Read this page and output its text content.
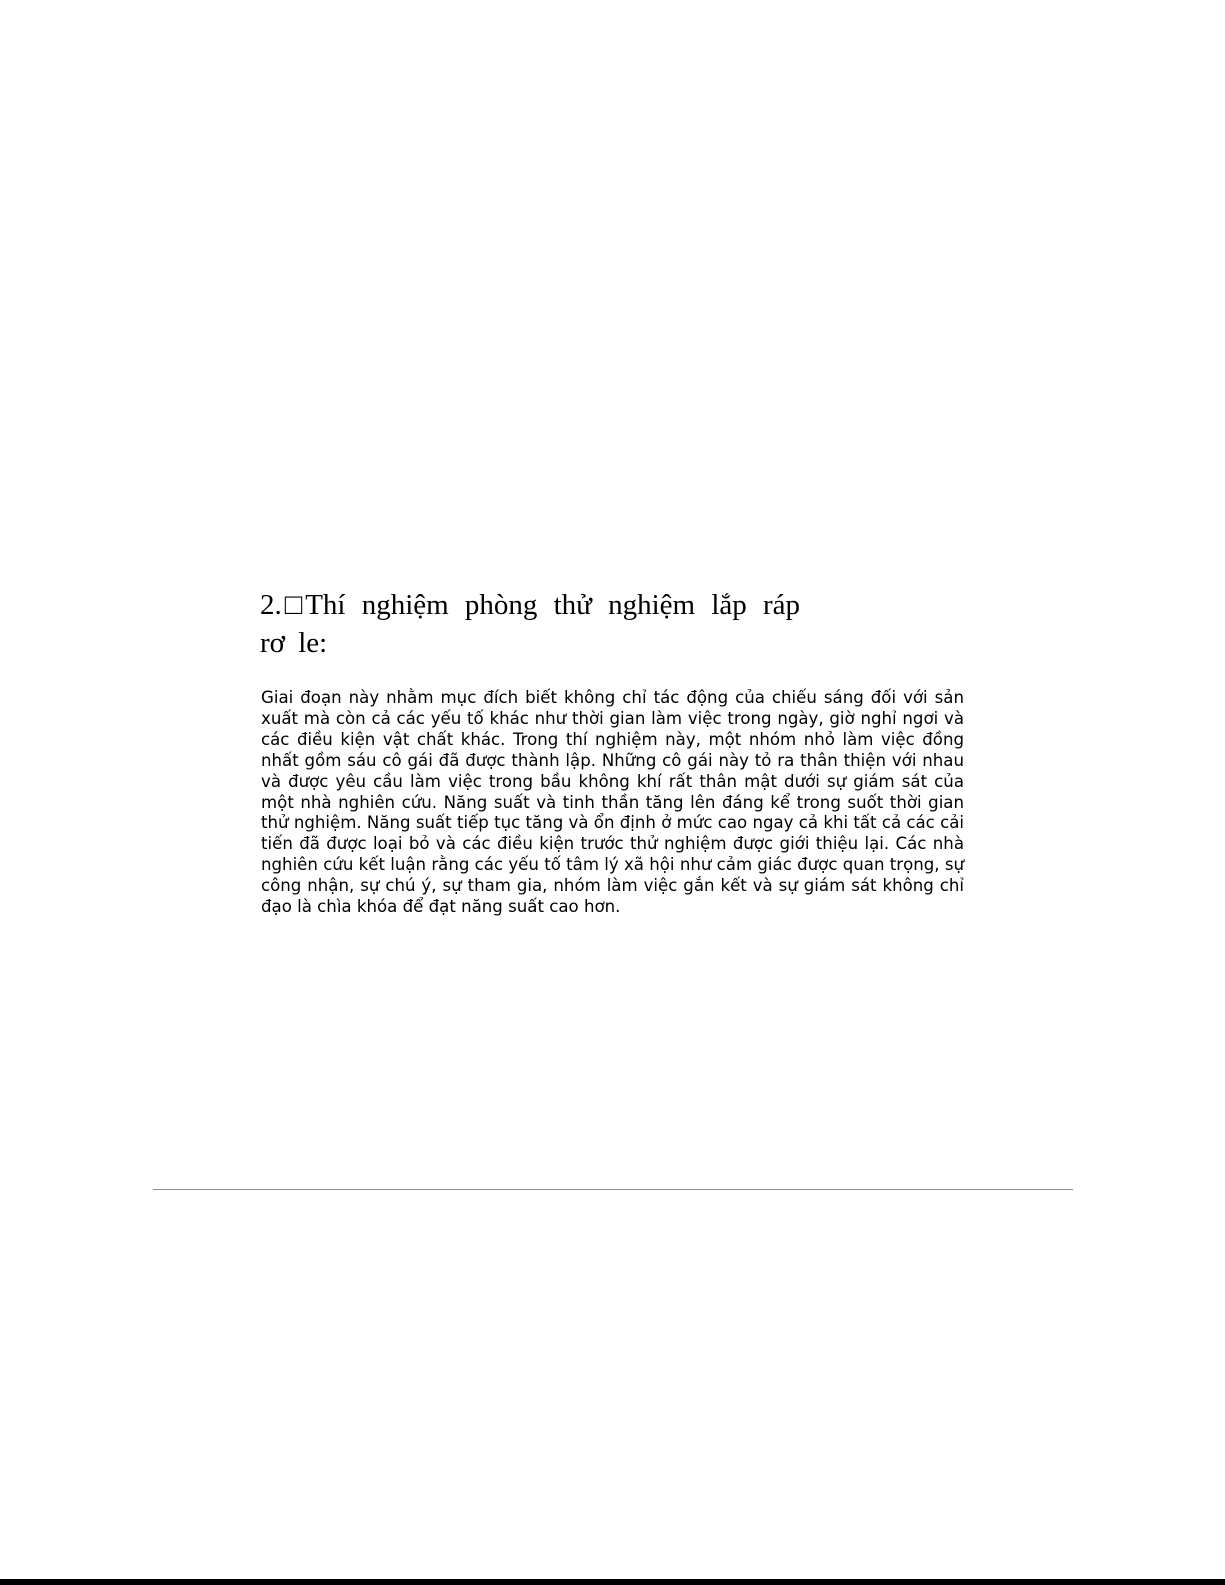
2.□Thí nghiệm phòng thử nghiệm lắp ráp rơ le:

Giai đoạn này nhằm mục đích biết không chỉ tác động của chiếu sáng đối với sản xuất mà còn cả các yếu tố khác như thời gian làm việc trong ngày, giờ nghỉ ngơi và các điều kiện vật chất khác. Trong thí nghiệm này, một nhóm nhỏ làm việc đồng nhất gồm sáu cô gái đã được thành lập. Những cô gái này tỏ ra thân thiện với nhau và được yêu cầu làm việc trong bầu không khí rất thân mật dưới sự giám sát của một nhà nghiên cứu. Năng suất và tinh thần tăng lên đáng kể trong suốt thời gian thử nghiệm. Năng suất tiếp tục tăng và ổn định ở mức cao ngay cả khi tất cả các cải tiến đã được loại bỏ và các điều kiện trước thử nghiệm được giới thiệu lại. Các nhà nghiên cứu kết luận rằng các yếu tố tâm lý xã hội như cảm giác được quan trọng, sự công nhận, sự chú ý, sự tham gia, nhóm làm việc gắn kết và sự giám sát không chỉ đạo là chìa khóa để đạt năng suất cao hơn.
